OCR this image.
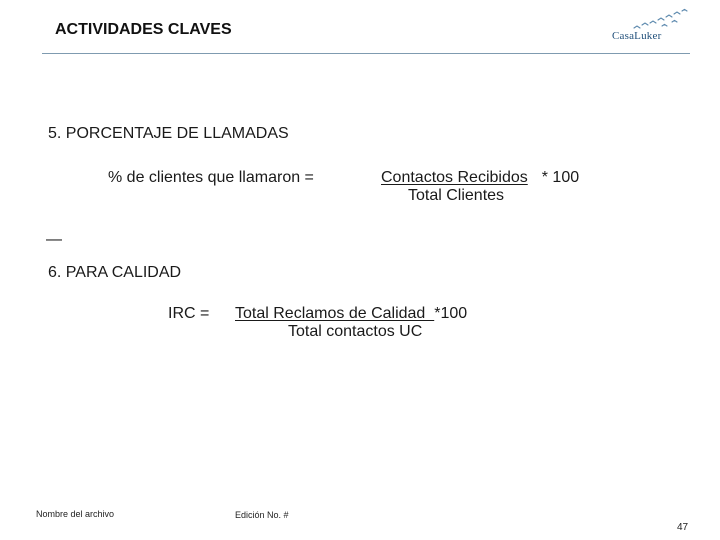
ACTIVIDADES CLAVES	CasaLuker
5. PORCENTAJE DE LLAMADAS
% de clientes que llamaron =	Contactos Recibidos * 100
Total Clientes
—
6. PARA CALIDAD
IRC = Total Reclamos de Calidad  *100
Total contactos UC
Nombre del archivo	Edición No. #
47
